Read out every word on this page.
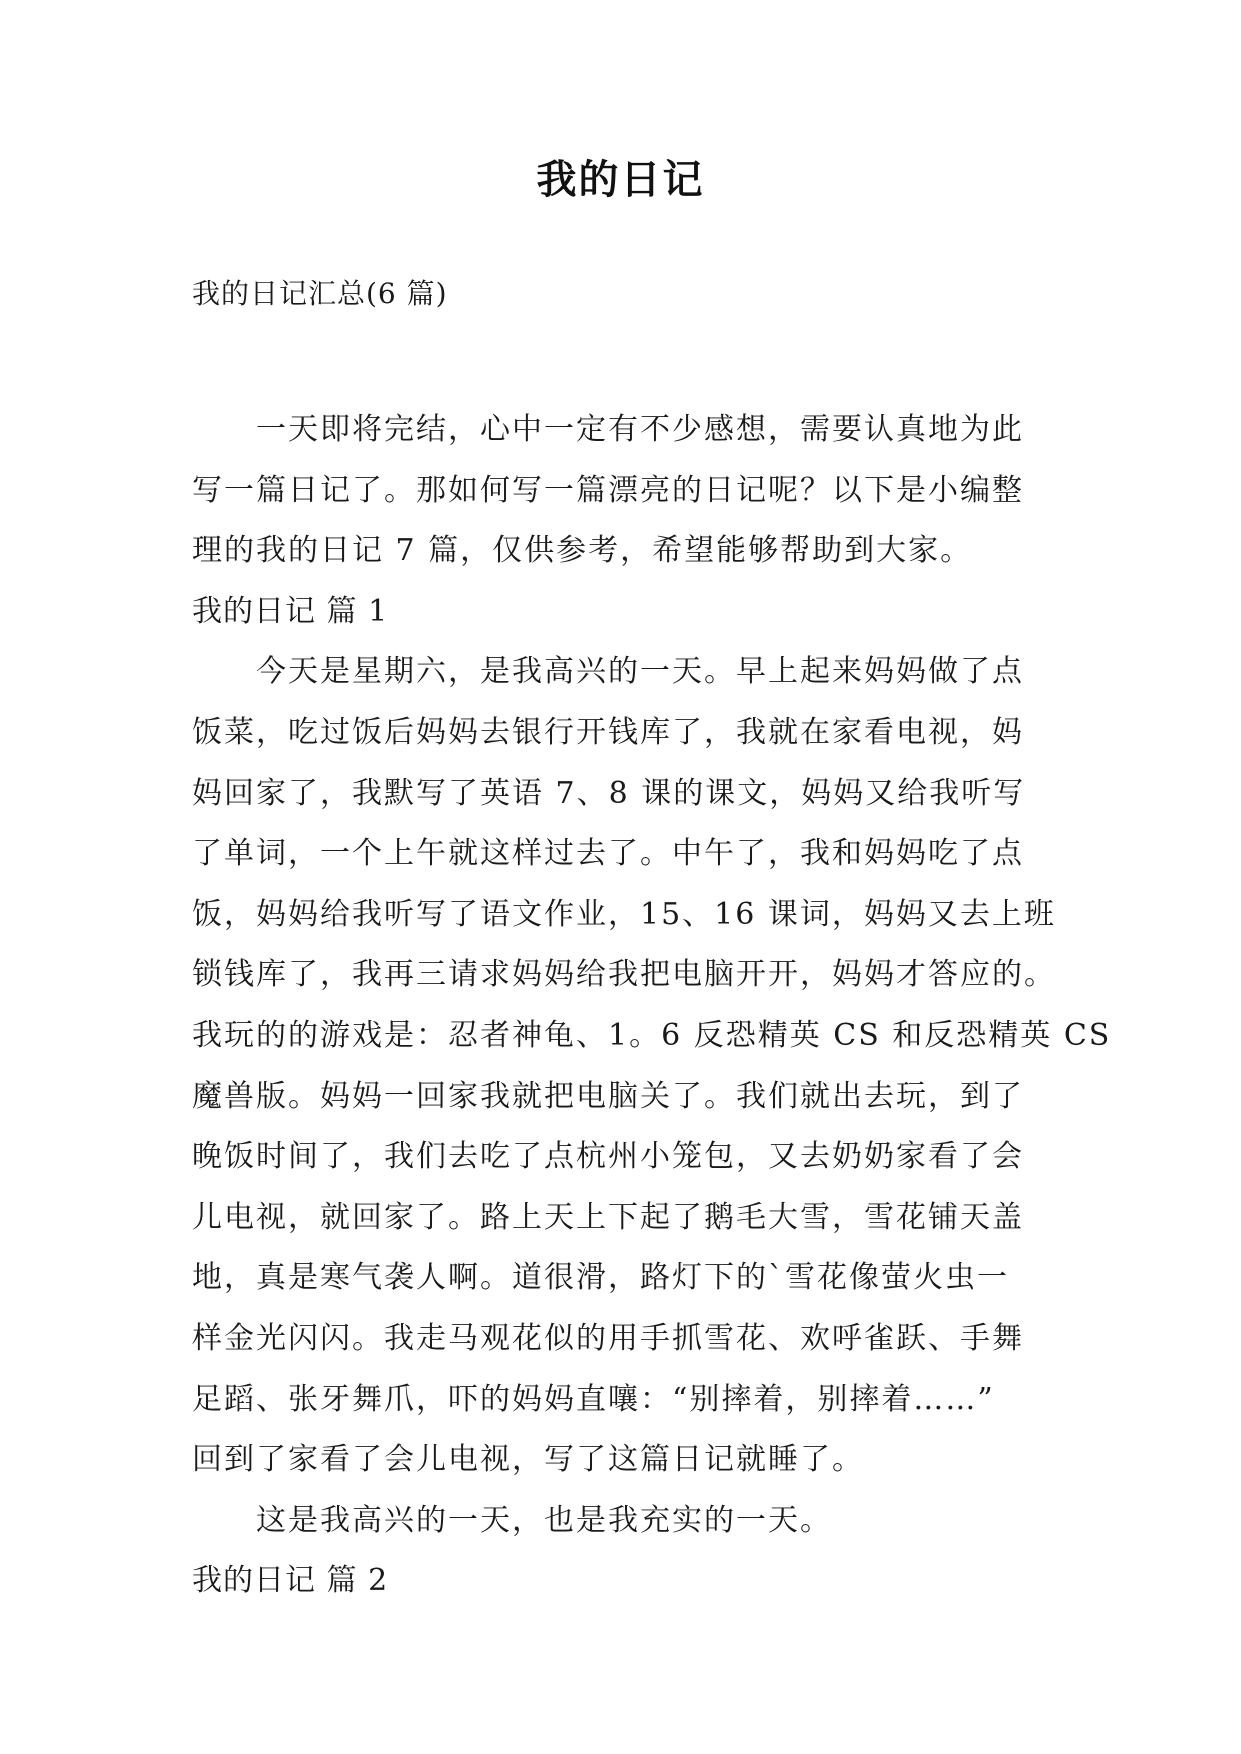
我的日记
我的日记汇总(6 篇)
一天即将完结，心中一定有不少感想，需要认真地为此
写一篇日记了。那如何写一篇漂亮的日记呢？以下是小编整
理的我的日记 7 篇，仅供参考，希望能够帮助到大家。
我的日记 篇 1
今天是星期六，是我高兴的一天。早上起来妈妈做了点
饭菜，吃过饭后妈妈去银行开钱库了，我就在家看电视，妈
妈回家了，我默写了英语 7、8 课的课文，妈妈又给我听写
了单词，一个上午就这样过去了。中午了，我和妈妈吃了点
饭，妈妈给我听写了语文作业，15、16 课词，妈妈又去上班
锁钱库了，我再三请求妈妈给我把电脑开开，妈妈才答应的。
我玩的的游戏是：忍者神龟、1。6 反恐精英 CS 和反恐精英 CS
魔兽版。妈妈一回家我就把电脑关了。我们就出去玩，到了
晚饭时间了，我们去吃了点杭州小笼包，又去奶奶家看了会
儿电视，就回家了。路上天上下起了鹅毛大雪，雪花铺天盖
地，真是寒气袭人啊。道很滑，路灯下的`雪花像萤火虫一
样金光闪闪。我走马观花似的用手抓雪花、欢呼雀跃、手舞
足蹈、张牙舞爪，吓的妈妈直嚷：“别摔着，别摔着……”
回到了家看了会儿电视，写了这篇日记就睡了。
这是我高兴的一天，也是我充实的一天。
我的日记 篇 2
